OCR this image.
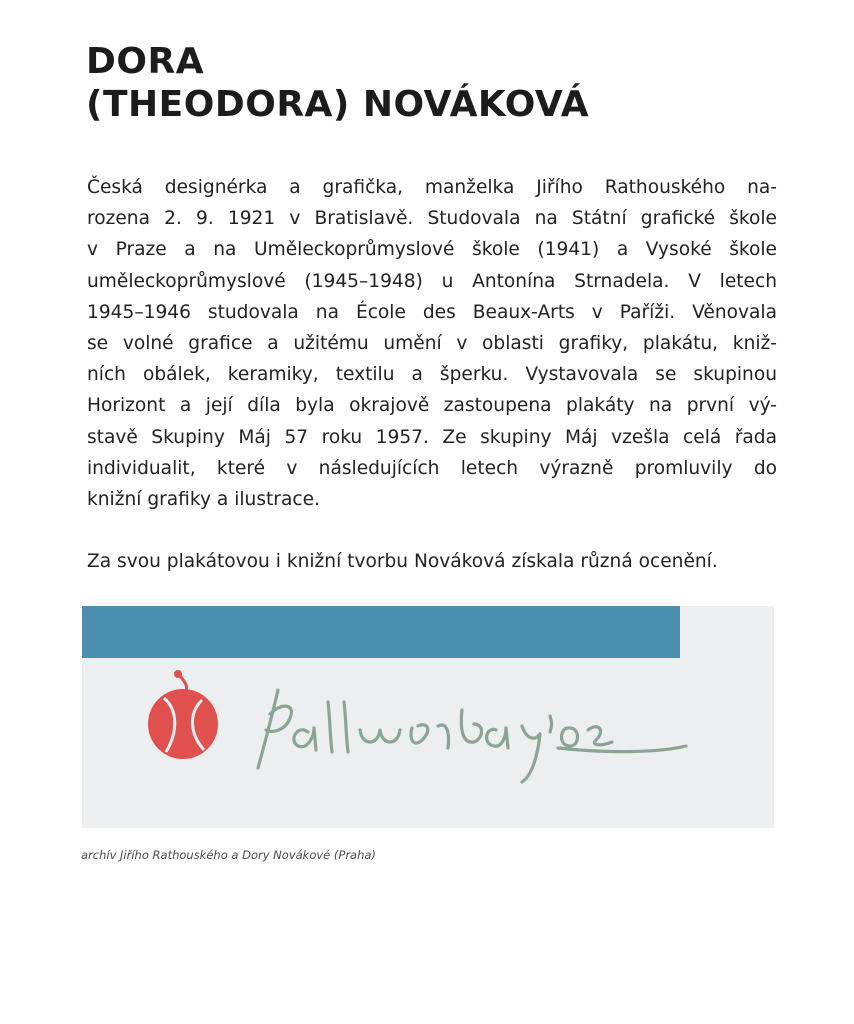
DORA
(THEODORA) NOVÁKOVÁ

Česká designérka a grafička, manželka Jiřího Rathouského na-
rozena 2. 9. 1921 v Bratislavě. Studovala na Státní grafické škole
v Praze a na Uměleckoprůmyslové škole (1941) a Vysoké škole
uměleckoprůmyslové (1945–1948) u Antonína Strnadela. V letech
1945–1946 studovala na École des Beaux-Arts v Paříži. Věnovala
se volné grafice a užitému umění v oblasti grafiky, plakátu, kniž-
ních obálek, keramiky, textilu a šperku. Vystavovala se skupinou
Horizont a její díla byla okrajově zastoupena plakáty na první vý-
stavě Skupiny Máj 57 roku 1957. Ze skupiny Máj vzešla celá řada
individualit, které v následujících letech výrazně promluvily do
knižní grafiky a ilustrace.

Za svou plakátovou i knižní tvorbu Nováková získala různá ocenění.

archív Jiřího Rathouského a Dory Novákové (Praha)
